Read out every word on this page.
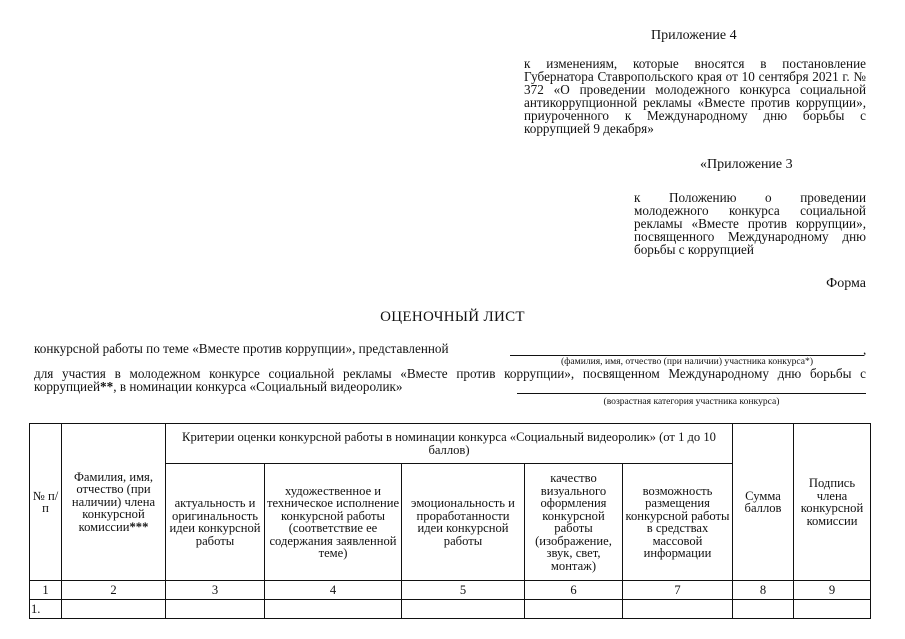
Приложение 4
к изменениям, которые вносятся в постановление Губернатора Ставропольского края от 10 сентября 2021 г. № 372 «О проведении молодежного конкурса социальной антикоррупционной рекламы «Вместе против коррупции», приуроченного к Международному дню борьбы с коррупцией 9 декабря»
«Приложение 3
к Положению о проведении молодежного конкурса социальной рекламы «Вместе против коррупции», посвященного Международному дню борьбы с коррупцией
Форма
ОЦЕНОЧНЫЙ ЛИСТ
конкурсной работы по теме «Вместе против коррупции», представленной	,
(фамилия, имя, отчество (при наличии) участника конкурса*)
для участия в молодежном конкурсе социальной рекламы «Вместе против коррупции», посвященном Международному дню борьбы с коррупцией**, в номинации конкурса «Социальный видеоролик»
(возрастная категория участника конкурса)
№ п/п	Фамилия, имя, отчество (при наличии) члена конкурсной комиссии***	Критерии оценки конкурсной работы в номинации конкурса «Социальный видеоролик» (от 1 до 10 баллов)					Сумма баллов	Подпись члена конкурсной комиссии
		актуальность и оригинальность идеи конкурсной работы	художественное и техническое исполнение конкурсной работы (соответствие ее содержания заявленной теме)	эмоциональность и проработанности идеи конкурсной работы	качество визуального оформления конкурсной работы (изображение, звук, свет, монтаж)	возможность размещения конкурсной работы в средствах массовой информации		
1	2	3	4	5	6	7	8	9
1.								
